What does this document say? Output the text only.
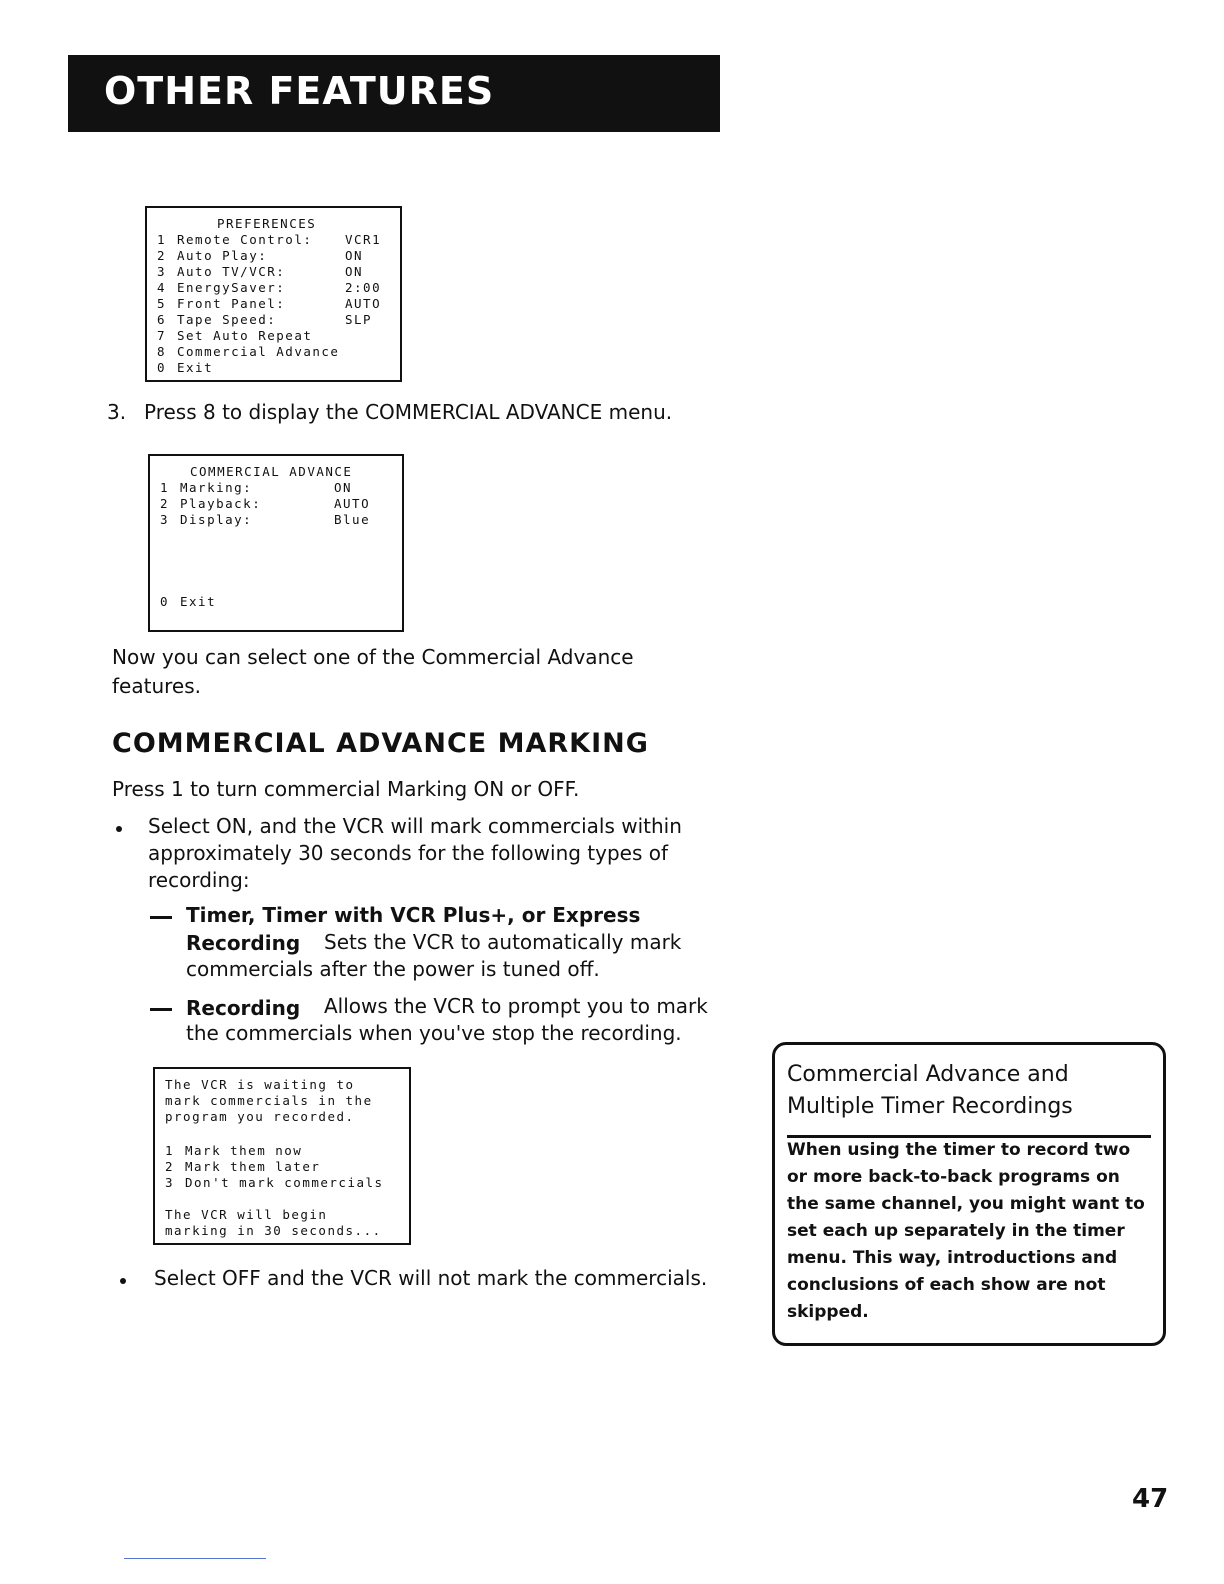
OTHER FEATURES
PREFERENCES
1 Remote Control:	VCR1
2 Auto Play:	ON
3 Auto TV/VCR:	ON
4 EnergySaver:	2:00
5 Front Panel:	AUTO
6 Tape Speed:	SLP
7 Set Auto Repeat
8 Commercial Advance
0 Exit
3. Press 8 to display the COMMERCIAL ADVANCE menu.
COMMERCIAL ADVANCE
1 Marking:	ON
2 Playback:	AUTO
3 Display:	Blue
0 Exit
Now you can select one of the Commercial Advance
features.
COMMERCIAL ADVANCE MARKING
Press 1 to turn commercial Marking ON or OFF.
Select ON, and the VCR will mark commercials within
approximately 30 seconds for the following types of
recording:
Timer, Timer with VCR Plus+, or Express
Recording Sets the VCR to automatically mark
commercials after the power is tuned off.
Recording Allows the VCR to prompt you to mark
the commercials when you've stop the recording.
The VCR is waiting to
mark commercials in the
program you recorded.
1 Mark them now
2 Mark them later
3 Don't mark commercials
The VCR will begin
marking in 30 seconds...
Select OFF and the VCR will not mark the commercials.
Commercial Advance and
Multiple Timer Recordings
When using the timer to record two
or more back-to-back programs on
the same channel, you might want to
set each up separately in the timer
menu. This way, introductions and
conclusions of each show are not
skipped.
47
